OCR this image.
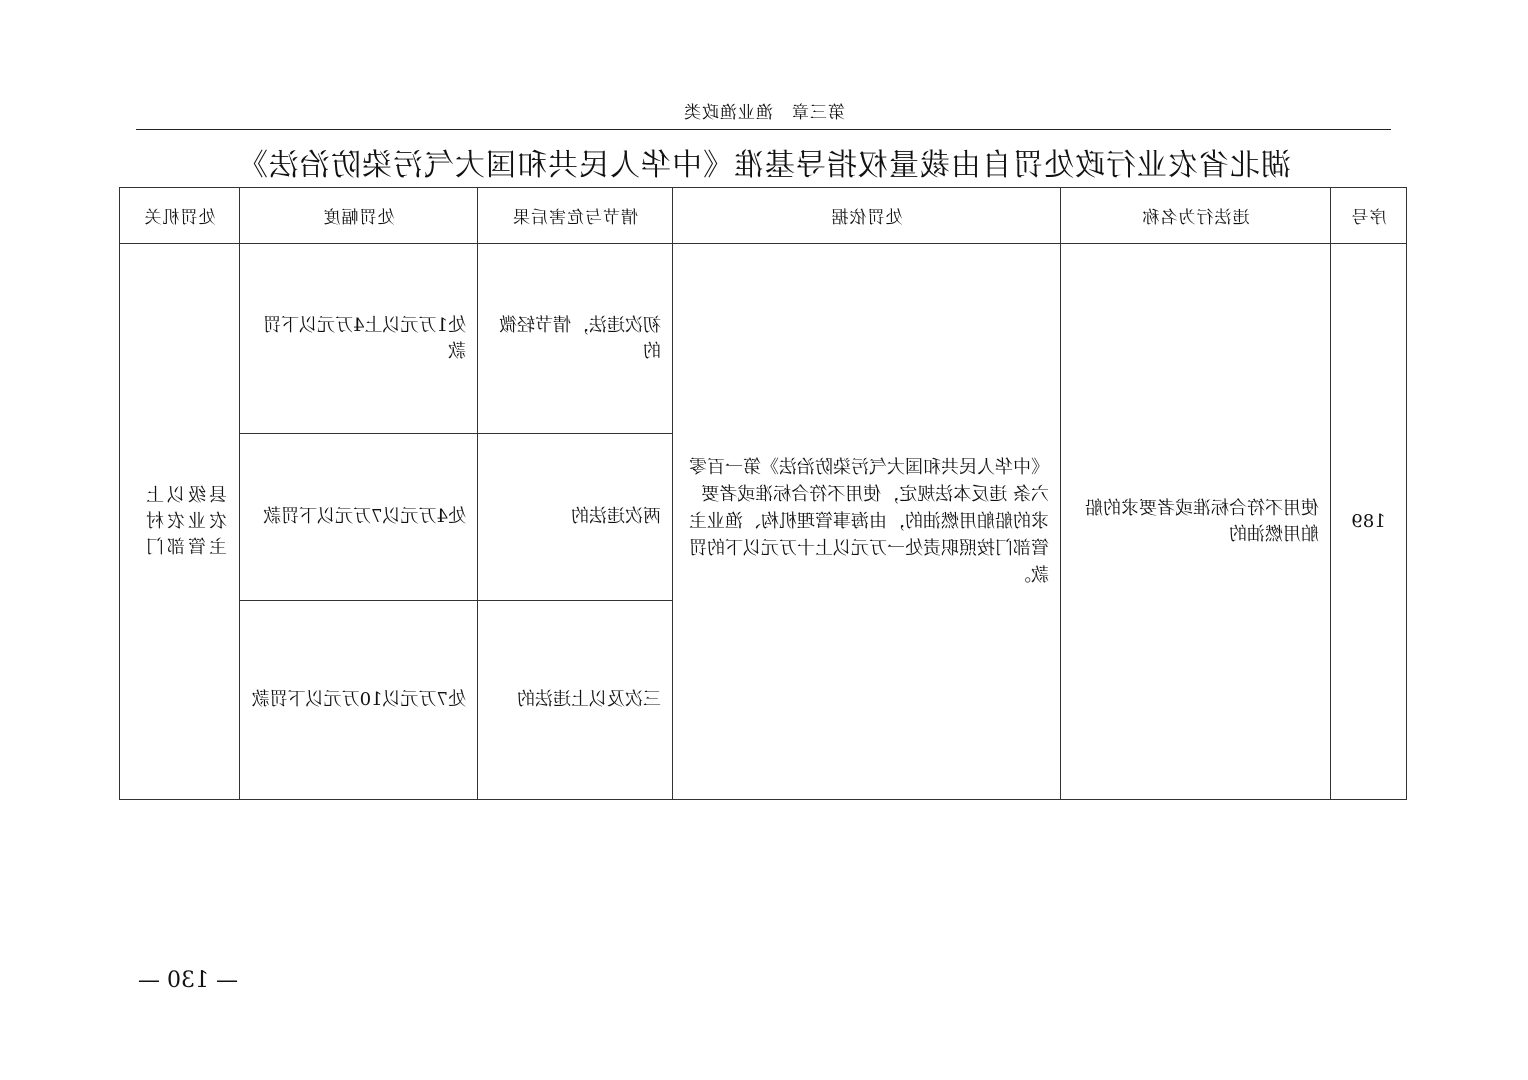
第三章　渔业渔政类
湖北省农业行政处罚自由裁量权指导基准《中华人民共和国大气污染防治法》
序号	违法行为名称	处罚依据	情节与危害后果	处罚幅度	处罚机关
189	使用不符合标准或者要求的船舶用燃油的	《中华人民共和国大气污染防治法》第一百零六条 违反本法规定，使用不符合标准或者要求的船舶用燃油的，由海事管理机构、渔业主管部门按照职责处一万元以上十万元以下的罚款。	初次违法，情节轻微的	处1万元以上4万元以下罚款	县级以上农业农村主管部门
			两次违法的	处4万元以7万元以下罚款	
			三次及以上违法的	处7万元以10万元以下罚款	
— 130 —
